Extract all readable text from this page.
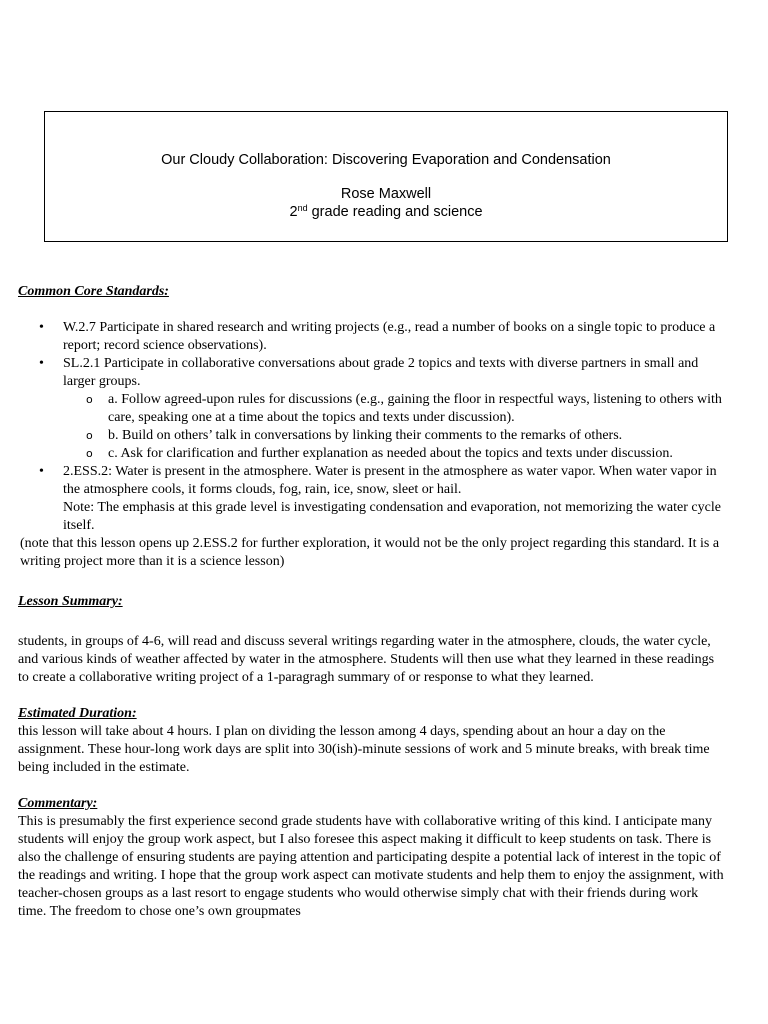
Our Cloudy Collaboration: Discovering Evaporation and Condensation
Rose Maxwell
2nd grade reading and science
Common Core Standards:
• W.2.7 Participate in shared research and writing projects (e.g., read a number of books on a single topic to produce a report; record science observations).
• SL.2.1 Participate in collaborative conversations about grade 2 topics and texts with diverse partners in small and larger groups.
o a. Follow agreed-upon rules for discussions (e.g., gaining the floor in respectful ways, listening to others with care, speaking one at a time about the topics and texts under discussion).
o b. Build on others’ talk in conversations by linking their comments to the remarks of others.
o c. Ask for clarification and further explanation as needed about the topics and texts under discussion.
• 2.ESS.2: Water is present in the atmosphere. Water is present in the atmosphere as water vapor. When water vapor in the atmosphere cools, it forms clouds, fog, rain, ice, snow, sleet or hail.
Note: The emphasis at this grade level is investigating condensation and evaporation, not memorizing the water cycle itself.

(note that this lesson opens up 2.ESS.2 for further exploration, it would not be the only project regarding this standard. It is a writing project more than it is a science lesson)

Lesson Summary:

students, in groups of 4-6, will read and discuss several writings regarding water in the atmosphere, clouds, the water cycle, and various kinds of weather affected by water in the atmosphere. Students will then use what they learned in these readings to create a collaborative writing project of a 1-paragragh summary of or response to what they learned.

Estimated Duration:

this lesson will take about 4 hours. I plan on dividing the lesson among 4 days, spending about an hour a day on the assignment. These hour-long work days are split into 30(ish)-minute sessions of work and 5 minute breaks, with break time being included in the estimate.

Commentary:

This is presumably the first experience second grade students have with collaborative writing of this kind. I anticipate many students will enjoy the group work aspect, but I also foresee this aspect making it difficult to keep students on task. There is also the challenge of ensuring students are paying attention and participating despite a potential lack of interest in the topic of the readings and writing. I hope that the group work aspect can motivate students and help them to enjoy the assignment, with teacher-chosen groups as a last resort to engage students who would otherwise simply chat with their friends during work time. The freedom to chose one’s own groupmates
